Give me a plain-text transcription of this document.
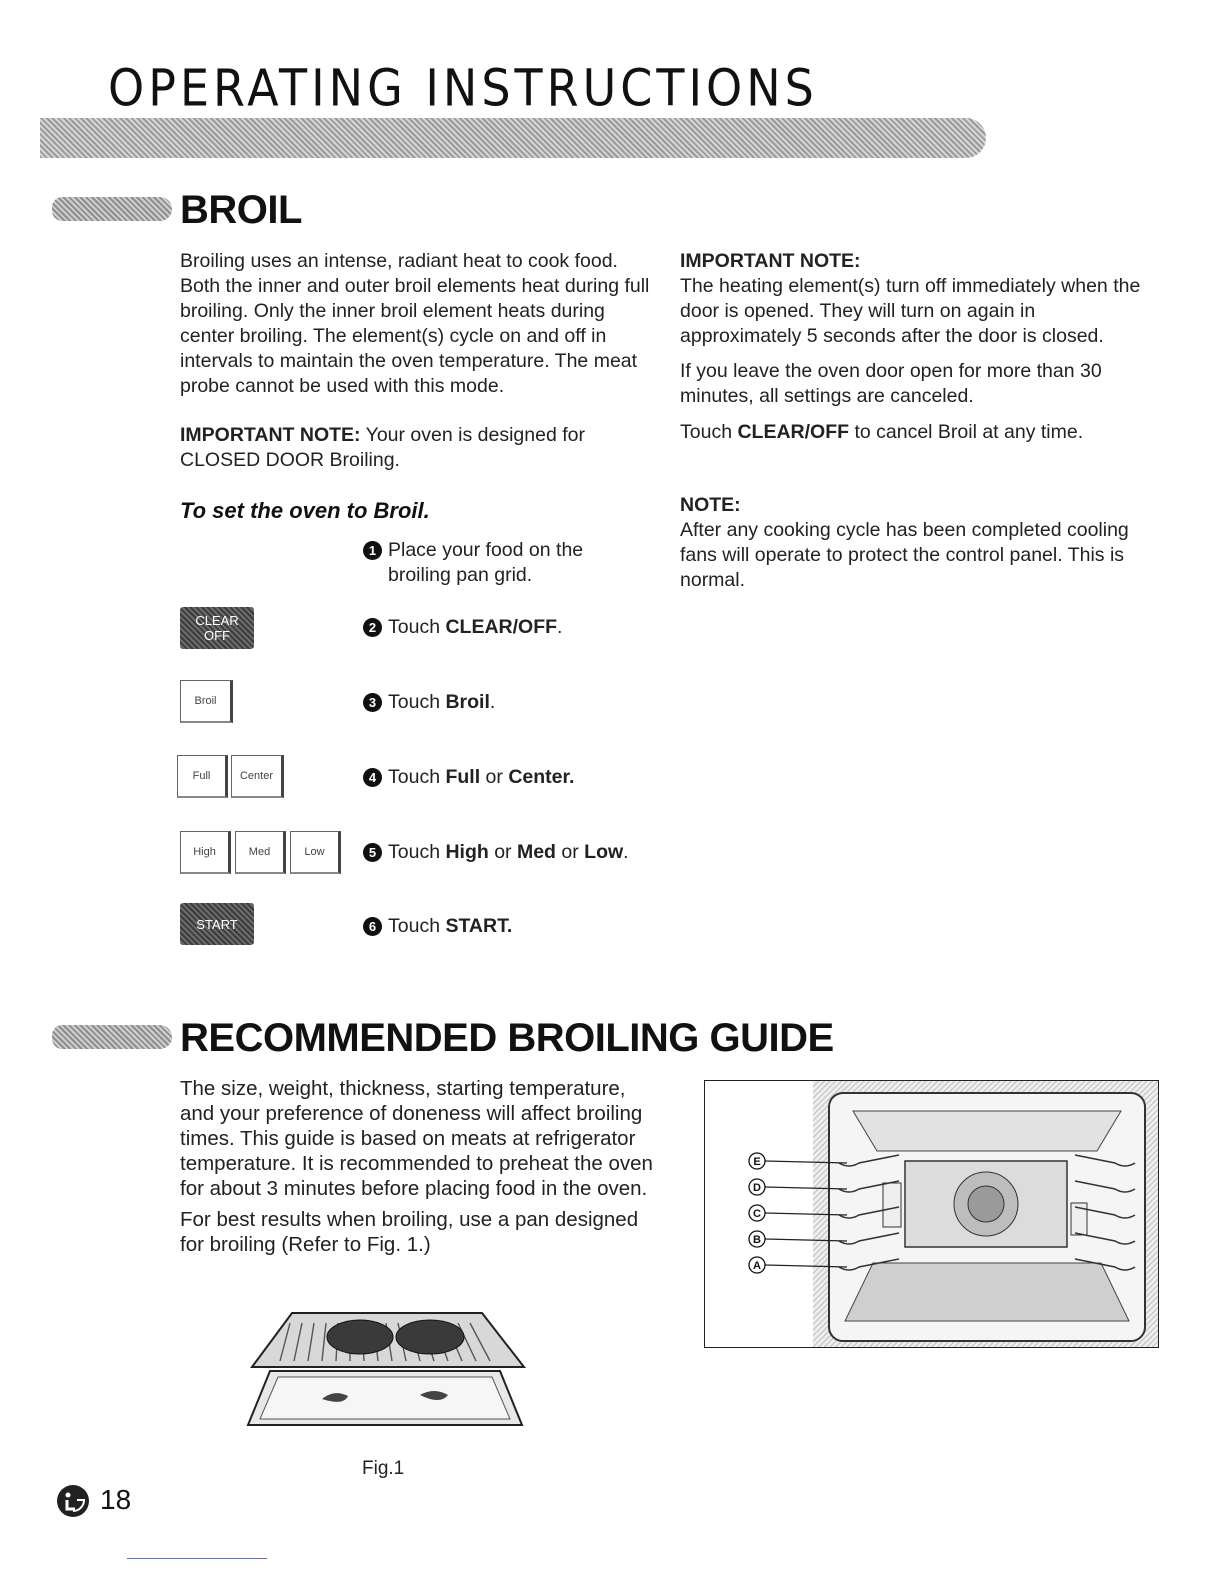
OPERATING INSTRUCTIONS
BROIL

Broiling uses an intense, radiant heat to cook food. Both the inner and outer broil elements heat during full broiling. Only the inner broil element heats during center broiling. The element(s) cycle on and off in intervals to maintain the oven temperature. The meat probe cannot be used with this mode.

IMPORTANT NOTE: Your oven is designed for CLOSED DOOR Broiling.
To set the oven to Broil.
1 Place your food on the broiling pan grid.
CLEAR
OFF
2 Touch CLEAR/OFF.
Broil	3 Touch Broil.
Full	Center	4 Touch Full or Center.
High	Med	Low	5 Touch High or Med or Low.
START	6 Touch START.

IMPORTANT NOTE:

The heating element(s) turn off immediately when the door is opened. They will turn on again in approximately 5 seconds after the door is closed.

If you leave the oven door open for more than 30 minutes, all settings are canceled.

Touch CLEAR/OFF to cancel Broil at any time.

NOTE:

After any cooking cycle has been completed cooling fans will operate to protect the control panel. This is normal.

RECOMMENDED BROILING GUIDE

The size, weight, thickness, starting temperature, and your preference of doneness will affect broiling times. This guide is based on meats at refrigerator temperature. It is recommended to preheat the oven for about 3 minutes before placing food in the oven.

For best results when broiling, use a pan designed for broiling (Refer to Fig. 1.)

Fig.1
E
D
C
B
A
18
